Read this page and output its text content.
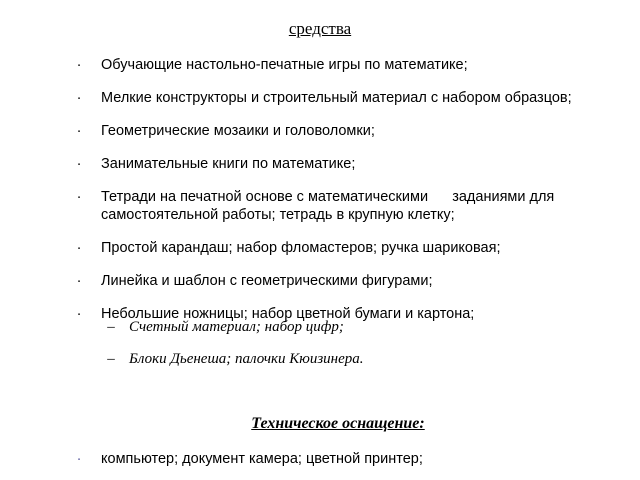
средства
· Обучающие настольно-печатные игры по математике;
· Мелкие конструкторы и строительный материал с набором образцов;
· Геометрические мозаики и головоломки;
· Занимательные книги по математике;
· Тетради на печатной основе с математическими      заданиями для самостоятельной работы; тетрадь в крупную клетку;
· Простой карандаш; набор фломастеров; ручка шариковая;
· Линейка и шаблон с геометрическими фигурами;
· Небольшие ножницы; набор цветной бумаги и картона;
– Счетный материал; набор цифр;
– Блоки Дьенеша; палочки Кюизинера.
Техническое оснащение:
· компьютер; документ камера; цветной принтер;
